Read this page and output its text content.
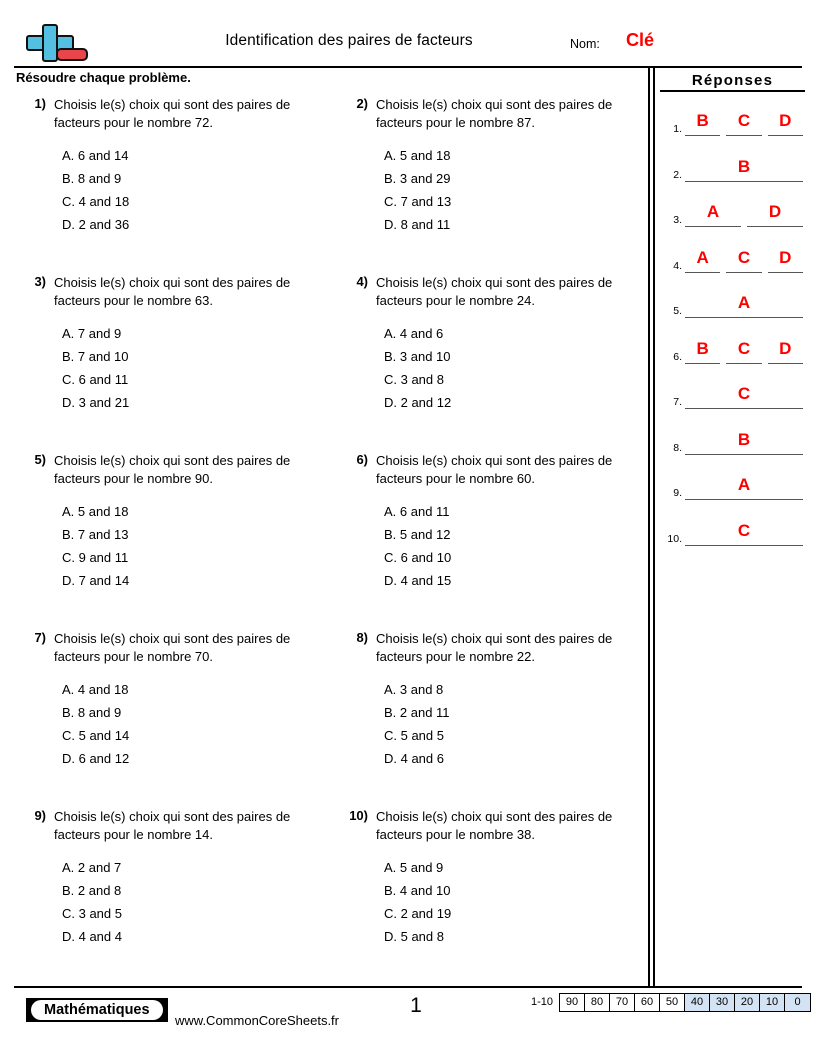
Identification des paires de facteurs	Nom: Clé
Résoudre chaque problème.
1) Choisis le(s) choix qui sont des paires de facteurs pour le nombre 72.
A. 6 and 14
B. 8 and 9
C. 4 and 18
D. 2 and 36
2) Choisis le(s) choix qui sont des paires de facteurs pour le nombre 87.
A. 5 and 18
B. 3 and 29
C. 7 and 13
D. 8 and 11
3) Choisis le(s) choix qui sont des paires de facteurs pour le nombre 63.
A. 7 and 9
B. 7 and 10
C. 6 and 11
D. 3 and 21
4) Choisis le(s) choix qui sont des paires de facteurs pour le nombre 24.
A. 4 and 6
B. 3 and 10
C. 3 and 8
D. 2 and 12
5) Choisis le(s) choix qui sont des paires de facteurs pour le nombre 90.
A. 5 and 18
B. 7 and 13
C. 9 and 11
D. 7 and 14
6) Choisis le(s) choix qui sont des paires de facteurs pour le nombre 60.
A. 6 and 11
B. 5 and 12
C. 6 and 10
D. 4 and 15
7) Choisis le(s) choix qui sont des paires de facteurs pour le nombre 70.
A. 4 and 18
B. 8 and 9
C. 5 and 14
D. 6 and 12
8) Choisis le(s) choix qui sont des paires de facteurs pour le nombre 22.
A. 3 and 8
B. 2 and 11
C. 5 and 5
D. 4 and 6
9) Choisis le(s) choix qui sont des paires de facteurs pour le nombre 14.
A. 2 and 7
B. 2 and 8
C. 3 and 5
D. 4 and 4
10) Choisis le(s) choix qui sont des paires de facteurs pour le nombre 38.
A. 5 and 9
B. 4 and 10
C. 2 and 19
D. 5 and 8
Réponses
1. B	C	D
2.	B
3.	A	D
4. A	C	D
5.	A
6. B	C	D
7.	C
8.	B
9.	A
10.	C
Mathématiques
www.CommonCoreSheets.fr
1	1-10	90	80	70	60	50	40	30	20	10	0
